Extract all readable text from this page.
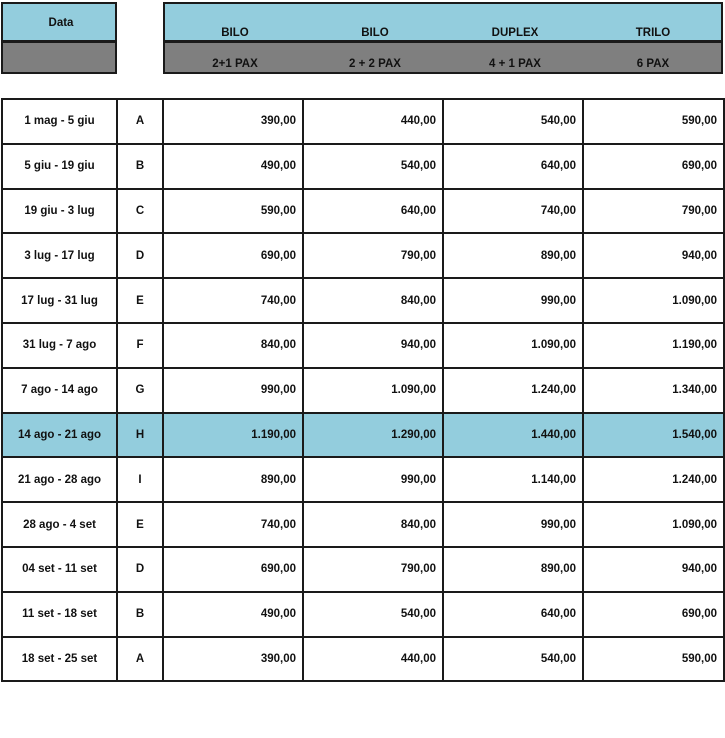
Data
BILO	BILO	DUPLEX	TRILO
2+1 PAX	2 + 2 PAX	4 + 1 PAX	6 PAX
1 mag - 5 giu	A	390,00	440,00	540,00	590,00
5 giu - 19 giu	B	490,00	540,00	640,00	690,00
19 giu - 3 lug	C	590,00	640,00	740,00	790,00
3 lug - 17 lug	D	690,00	790,00	890,00	940,00
17 lug - 31 lug	E	740,00	840,00	990,00	1.090,00
31 lug - 7 ago	F	840,00	940,00	1.090,00	1.190,00
7 ago - 14 ago	G	990,00	1.090,00	1.240,00	1.340,00
14 ago - 21 ago	H	1.190,00	1.290,00	1.440,00	1.540,00
21 ago - 28 ago	I	890,00	990,00	1.140,00	1.240,00
28 ago - 4 set	E	740,00	840,00	990,00	1.090,00
04 set - 11 set	D	690,00	790,00	890,00	940,00
11 set - 18 set	B	490,00	540,00	640,00	690,00
18 set - 25 set	A	390,00	440,00	540,00	590,00
